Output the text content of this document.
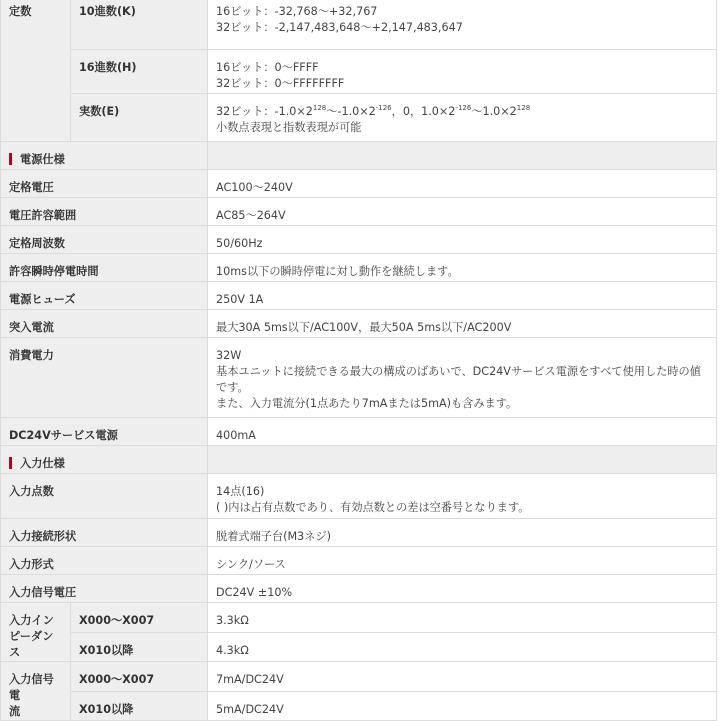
定数	10進数(K)	16ビット：-32,768～+32,767
32ビット：-2,147,483,648～+2,147,483,647

	16進数(H)	16ビット：0～FFFF
32ビット：0～FFFFFFFF

	実数(E)	32ビット：$-1.0\times 2^{128}\sim-1.0\times 2^{-126}$，0，$1.0\times 2^{-126}\sim 1.0\times 2^{128}$
小数点表現と指数表現が可能

電源仕様		
定格電圧		AC100～240V
電圧許容範囲		AC85～264V
定格周波数		50/60Hz
許容瞬時停電時間		10ms以下の瞬時停電に対し動作を継続します。
電源ヒューズ		250V 1A
突入電流		最大30A 5ms以下/AC100V，最大50A 5ms以下/AC200V
消費電力		32W
基本ユニットに接続できる最大の構成のばあいで、DC24Vサービス電源をすべて使用した時の値
です。
また、入力電流分(1点あたり7mAまたは5mA)も含みます。

DC24Vサービス電源		400mA
入力仕様		
入力点数		14点(16)
( )内は占有点数であり、有効点数との差は空番号となります。

入力接続形状		脱着式端子台(M3ネジ)
入力形式		シンク/ソース
入力信号電圧		DC24V ±10%

入力イン
ピーダンス	X000～X007	3.3kΩ
	X010以降	4.3kΩ

入力信号電
流	X000～X007	7mA/DC24V
	X010以降	5mA/DC24V
